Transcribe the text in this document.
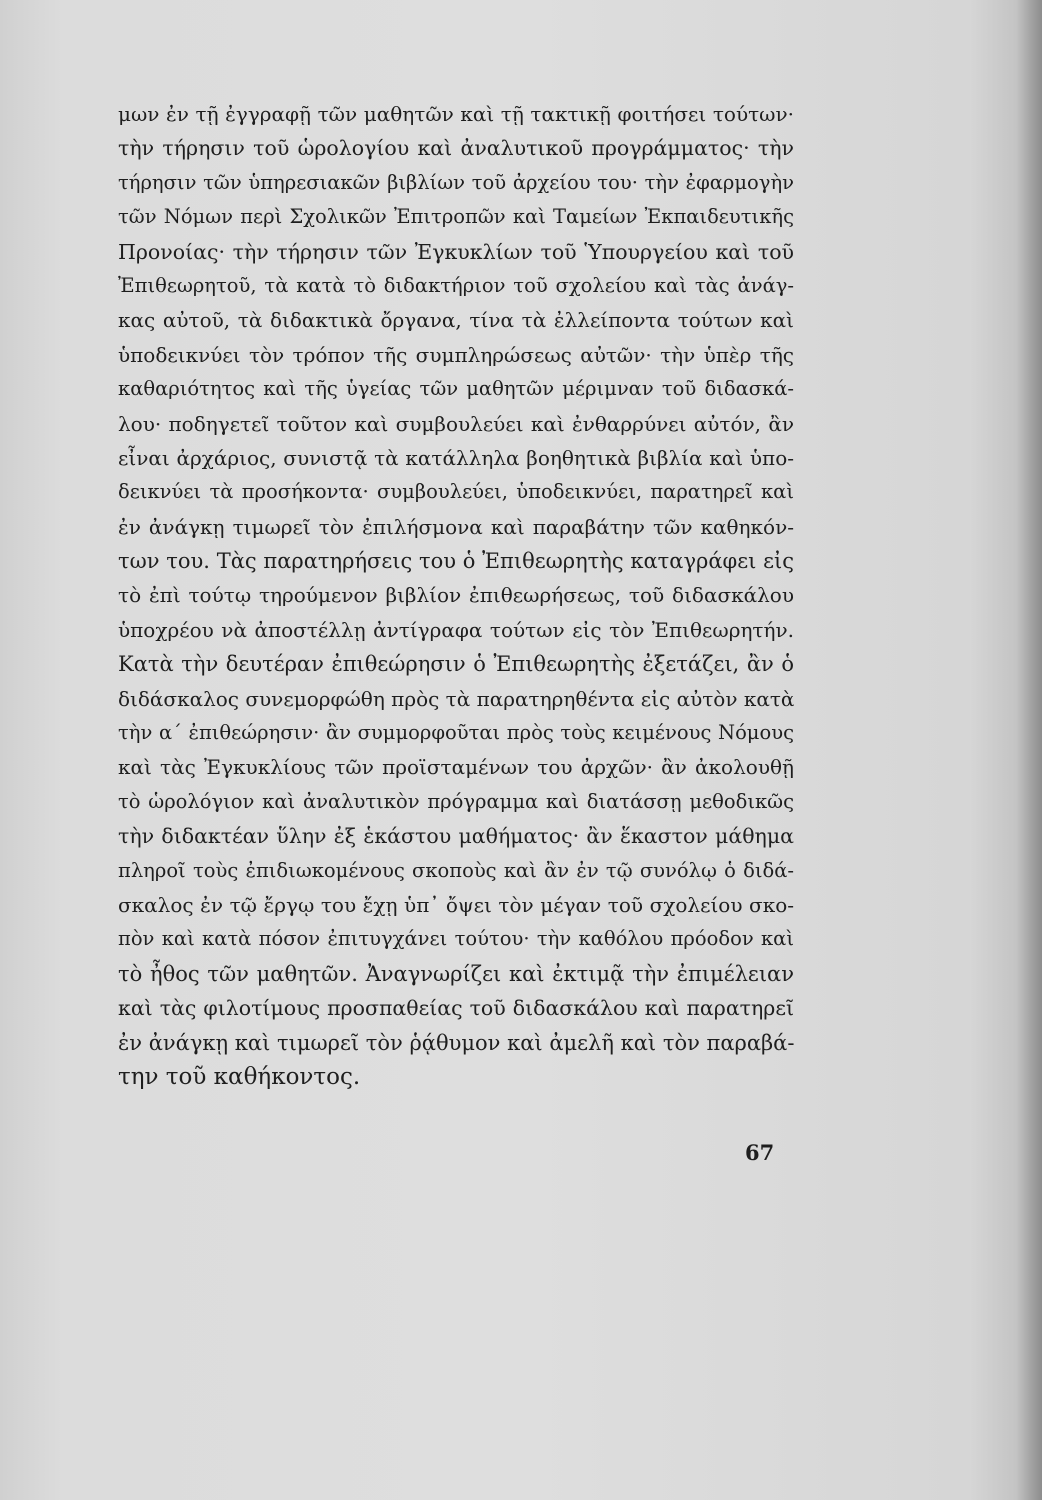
μων ἐν τῇ ἐγγραφῇ τῶν μαθητῶν καὶ τῇ τακτικῇ φοιτήσει τούτων·
τὴν τήρησιν τοῦ ὡρολογίου καὶ ἀναλυτικοῦ προγράμματος· τὴν
τήρησιν τῶν ὑπηρεσιακῶν βιβλίων τοῦ ἀρχείου του· τὴν ἐφαρμογὴν
τῶν Νόμων περὶ Σχολικῶν Ἐπιτροπῶν καὶ Ταμείων Ἐκπαιδευτικῆς
Προνοίας· τὴν τήρησιν τῶν Ἐγκυκλίων τοῦ Ὑπουργείου καὶ τοῦ
Ἐπιθεωρητοῦ, τὰ κατὰ τὸ διδακτήριον τοῦ σχολείου καὶ τὰς ἀνάγ-
κας αὐτοῦ, τὰ διδακτικὰ ὄργανα, τίνα τὰ ἐλλείποντα τούτων καὶ
ὑποδεικνύει τὸν τρόπον τῆς συμπληρώσεως αὐτῶν· τὴν ὑπὲρ τῆς
καθαριότητος καὶ τῆς ὑγείας τῶν μαθητῶν μέριμναν τοῦ διδασκά-
λου· ποδηγετεῖ τοῦτον καὶ συμβουλεύει καὶ ἐνθαρρύνει αὐτόν, ἂν
εἶναι ἀρχάριος, συνιστᾷ τὰ κατάλληλα βοηθητικὰ βιβλία καὶ ὑπο-
δεικνύει τὰ προσήκοντα· συμβουλεύει, ὑποδεικνύει, παρατηρεῖ καὶ
ἐν ἀνάγκῃ τιμωρεῖ τὸν ἐπιλήσμονα καὶ παραβάτην τῶν καθηκόν-
των του. Τὰς παρατηρήσεις του ὁ Ἐπιθεωρητὴς καταγράφει εἰς
τὸ ἐπὶ τούτῳ τηρούμενον βιβλίον ἐπιθεωρήσεως, τοῦ διδασκάλου
ὑποχρέου νὰ ἀποστέλλῃ ἀντίγραφα τούτων εἰς τὸν Ἐπιθεωρητήν.
Κατὰ τὴν δευτέραν ἐπιθεώρησιν ὁ Ἐπιθεωρητὴς ἐξετάζει, ἂν ὁ
διδάσκαλος συνεμορφώθη πρὸς τὰ παρατηρηθέντα εἰς αὐτὸν κατὰ
τὴν α΄ ἐπιθεώρησιν· ἂν συμμορφοῦται πρὸς τοὺς κειμένους Νόμους
καὶ τὰς Ἐγκυκλίους τῶν προϊσταμένων του ἀρχῶν· ἂν ἀκολουθῇ
τὸ ὡρολόγιον καὶ ἀναλυτικὸν πρόγραμμα καὶ διατάσσῃ μεθοδικῶς
τὴν διδακτέαν ὕλην ἐξ ἑκάστου μαθήματος· ἂν ἕκαστον μάθημα
πληροῖ τοὺς ἐπιδιωκομένους σκοποὺς καὶ ἂν ἐν τῷ συνόλῳ ὁ διδά-
σκαλος ἐν τῷ ἔργῳ του ἔχῃ ὑπ᾽ ὄψει τὸν μέγαν τοῦ σχολείου σκο-
πὸν καὶ κατὰ πόσον ἐπιτυγχάνει τούτου· τὴν καθόλου πρόοδον καὶ
τὸ ἦθος τῶν μαθητῶν. Ἀναγνωρίζει καὶ ἐκτιμᾷ τὴν ἐπιμέλειαν
καὶ τὰς φιλοτίμους προσπαθείας τοῦ διδασκάλου καὶ παρατηρεῖ
ἐν ἀνάγκῃ καὶ τιμωρεῖ τὸν ῥᾴθυμον καὶ ἀμελῆ καὶ τὸν παραβά-
την τοῦ καθήκοντος.
67
